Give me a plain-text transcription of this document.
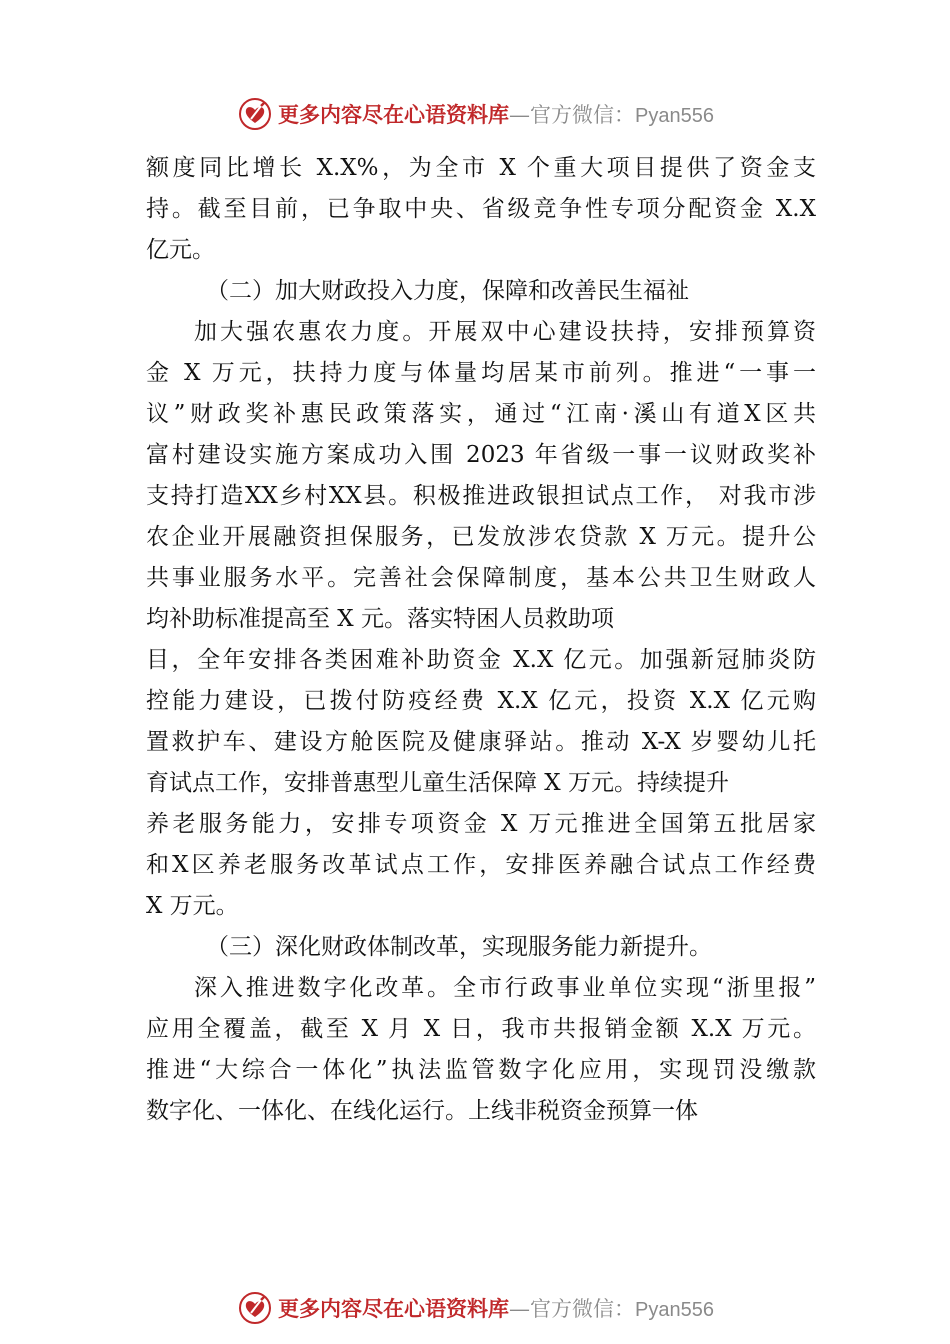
更多内容尽在心语资料库—官方微信：Pyan556
额度同比增长 X.X%，为全市 X 个重大项目提供了资金支
持。截至目前，已争取中央、省级竞争性专项分配资金 X.X
亿元。
（二）加大财政投入力度，保障和改善民生福祉
加大强农惠农力度。开展双中心建设扶持，安排预算资
金 X 万元，扶持力度与体量均居某市前列。推进“一事一
议”财政奖补惠民政策落实，通过“江南·溪山有道X区共
富村建设实施方案成功入围 2023 年省级一事一议财政奖补
支持打造XX乡村XX县。积极推进政银担试点工作， 对我市涉
农企业开展融资担保服务，已发放涉农贷款 X 万元。提升公
共事业服务水平。完善社会保障制度，基本公共卫生财政人
均补助标准提高至 X 元。落实特困人员救助项
目，全年安排各类困难补助资金 X.X 亿元。加强新冠肺炎防
控能力建设，已拨付防疫经费 X.X 亿元，投资 X.X 亿元购
置救护车、建设方舱医院及健康驿站。推动 X-X 岁婴幼儿托
育试点工作，安排普惠型儿童生活保障 X 万元。持续提升
养老服务能力，安排专项资金 X 万元推进全国第五批居家
和X区养老服务改革试点工作，安排医养融合试点工作经费
X 万元。
（三）深化财政体制改革，实现服务能力新提升。
深入推进数字化改革。全市行政事业单位实现“浙里报”
应用全覆盖，截至 X 月 X 日，我市共报销金额 X.X 万元。
推进“大综合一体化”执法监管数字化应用，实现罚没缴款
数字化、一体化、在线化运行。上线非税资金预算一体
更多内容尽在心语资料库—官方微信：Pyan556
